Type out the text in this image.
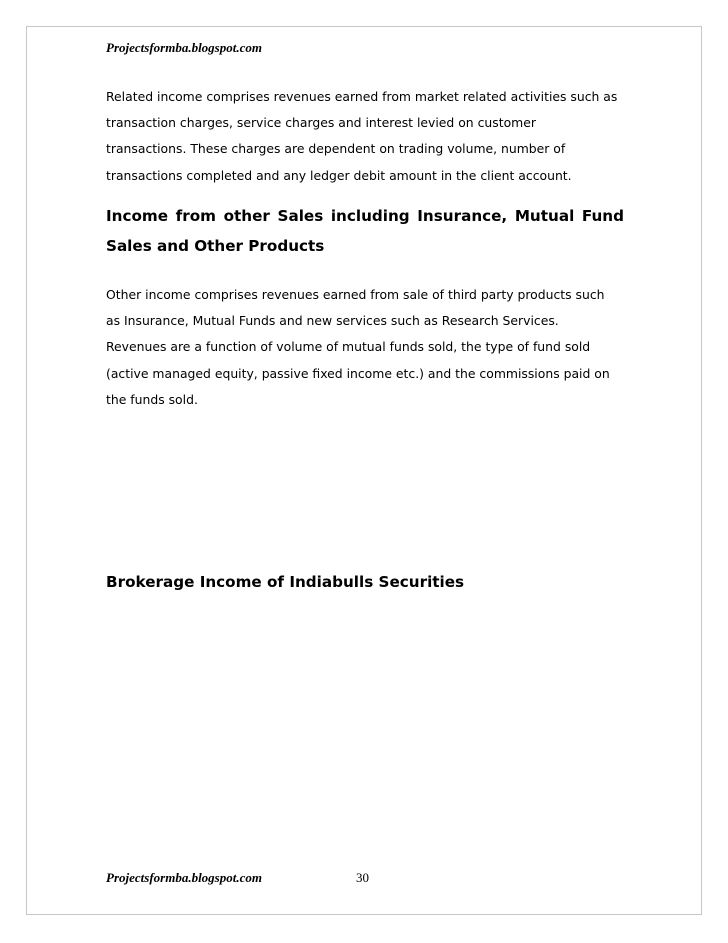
Projectsformba.blogspot.com
Related income comprises revenues earned from market related activities such as
transaction charges, service charges and interest levied on customer
transactions. These charges are dependent on trading volume, number of
transactions completed and any ledger debit amount in the client account.
Income from other Sales including Insurance, Mutual Fund
Sales and Other Products
Other income comprises revenues earned from sale of third party products such
as Insurance, Mutual Funds and new services such as Research Services.
Revenues are a function of volume of mutual funds sold, the type of fund sold
(active managed equity, passive fixed income etc.) and the commissions paid on
the funds sold.
Brokerage Income of Indiabulls Securities
Projectsformba.blogspot.com	30
